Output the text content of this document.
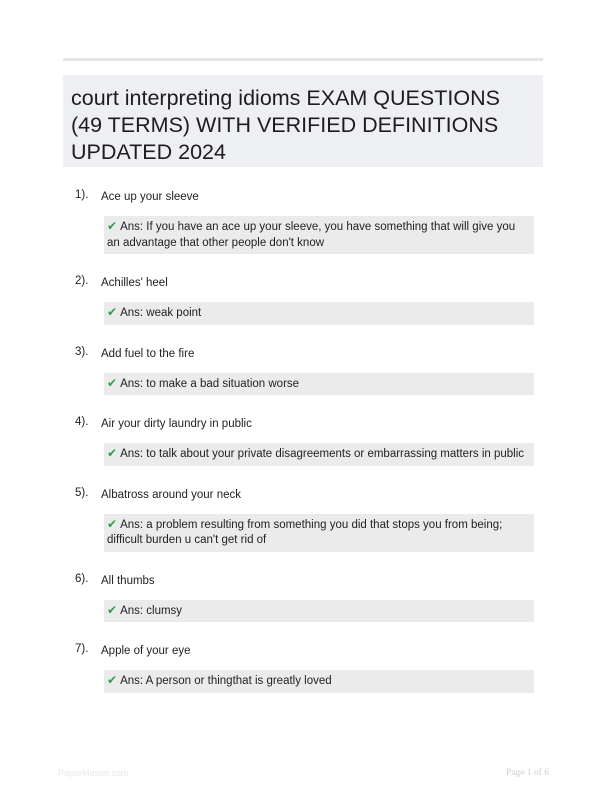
court interpreting idioms EXAM QUESTIONS (49 TERMS) WITH VERIFIED DEFINITIONS UPDATED 2024
1).	Ace up your sleeve
✔ Ans: If you have an ace up your sleeve, you have something that will give you an advantage that other people don't know
2).	Achilles' heel
✔ Ans: weak point
3).	Add fuel to the fire
✔ Ans: to make a bad situation worse
4).	Air your dirty laundry in public
✔ Ans: to talk about your private disagreements or embarrassing matters in public
5).	Albatross around your neck
✔ Ans: a problem resulting from something you did that stops you from being; difficult burden u can't get rid of
6).	All thumbs
✔ Ans: clumsy
7).	Apple of your eye
✔ Ans: A person or thingthat is greatly loved
PaperMaster.com	Page 1 of 6
